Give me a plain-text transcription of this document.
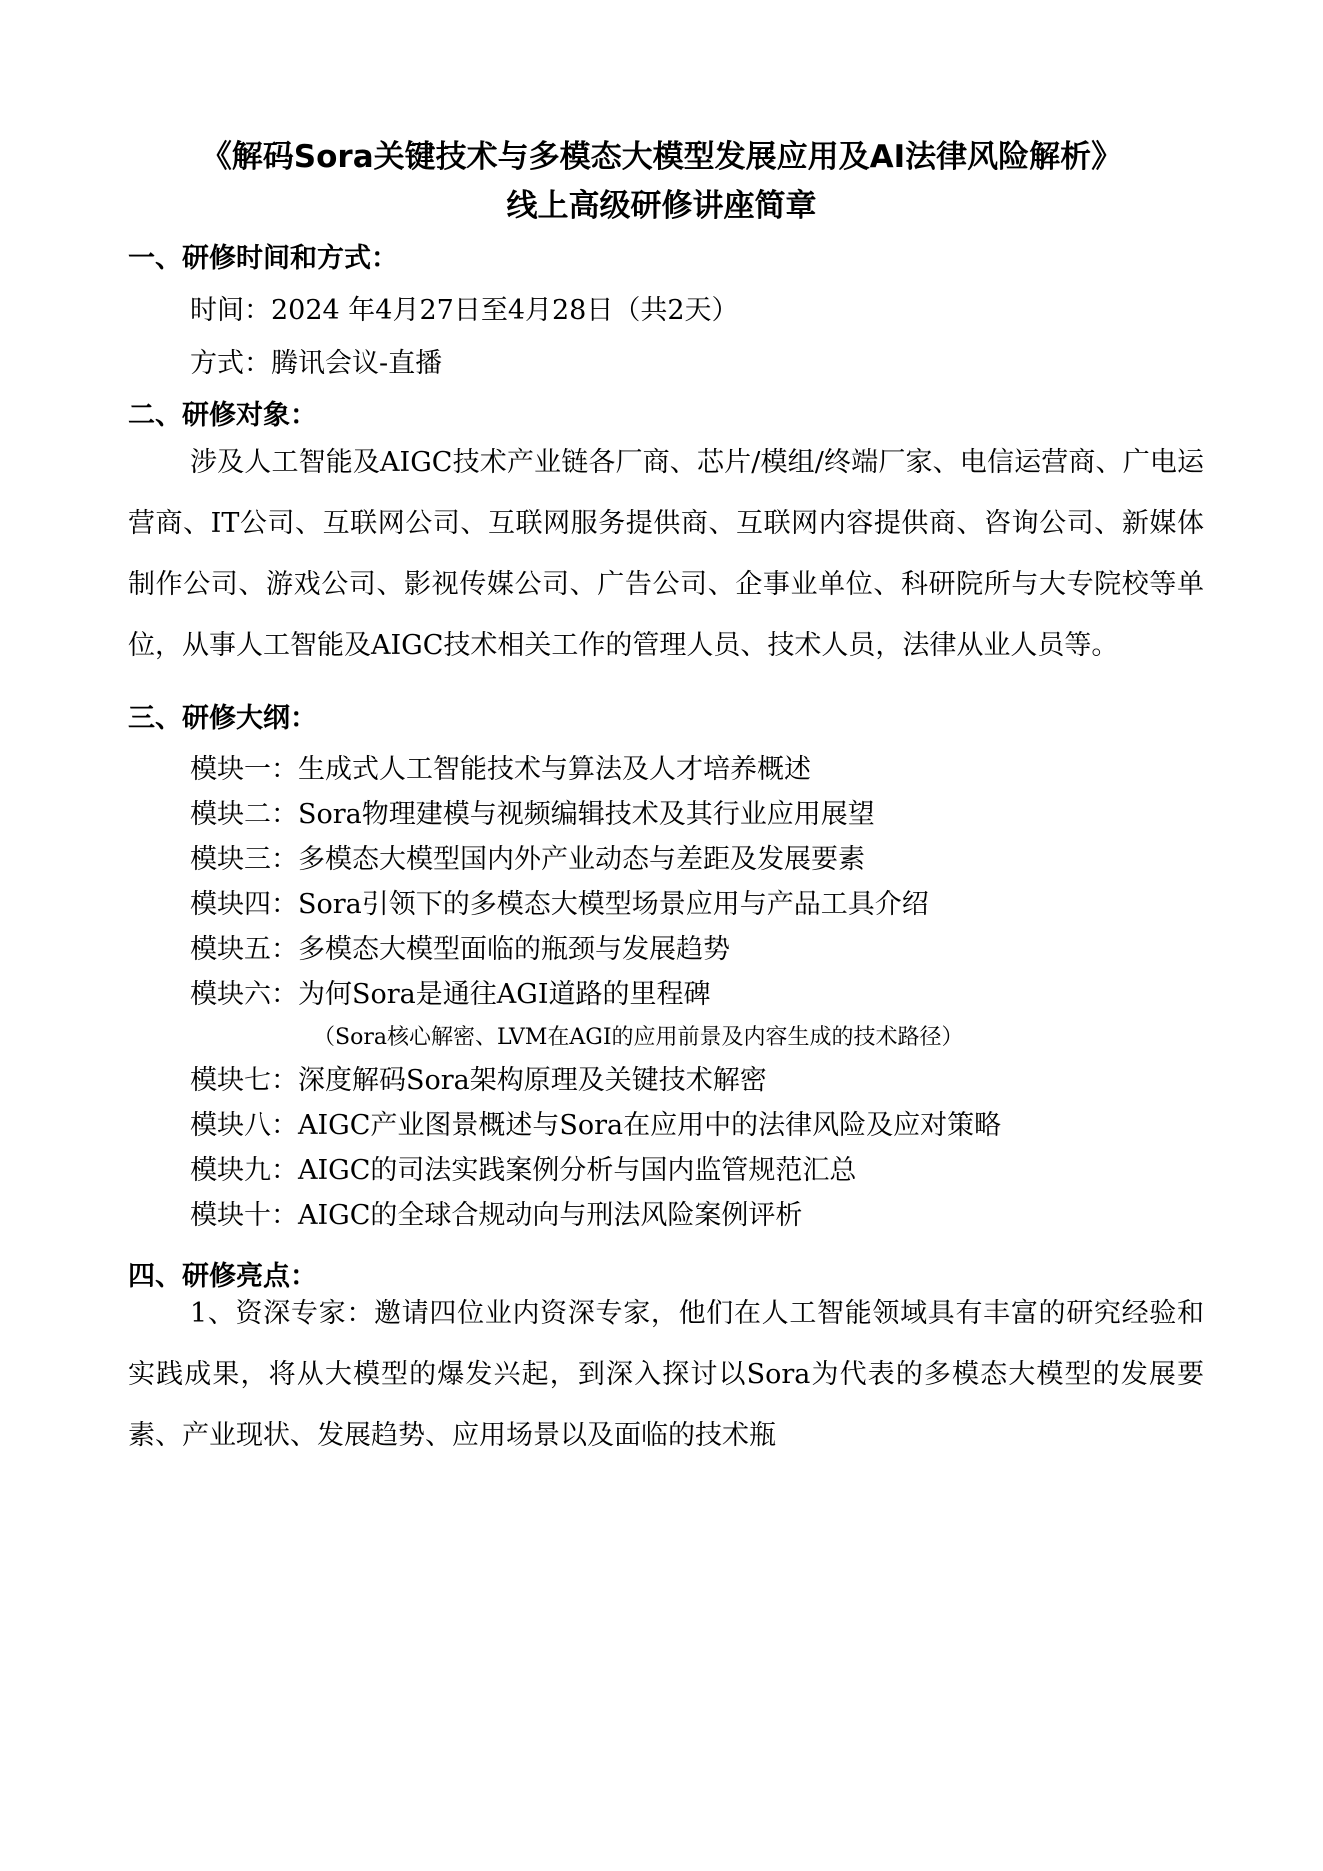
《解码Sora关键技术与多模态大模型发展应用及AI法律风险解析》
线上高级研修讲座简章
一、研修时间和方式：
时间：2024 年4月27日至4月28日（共2天）
方式：腾讯会议-直播
二、研修对象：
涉及人工智能及AIGC技术产业链各厂商、芯片/模组/终端厂家、电信运营商、广电运营商、IT公司、互联网公司、互联网服务提供商、互联网内容提供商、咨询公司、新媒体制作公司、游戏公司、影视传媒公司、广告公司、企事业单位、科研院所与大专院校等单位，从事人工智能及AIGC技术相关工作的管理人员、技术人员，法律从业人员等。
三、研修大纲：
模块一：生成式人工智能技术与算法及人才培养概述
模块二：Sora物理建模与视频编辑技术及其行业应用展望
模块三：多模态大模型国内外产业动态与差距及发展要素
模块四：Sora引领下的多模态大模型场景应用与产品工具介绍
模块五：多模态大模型面临的瓶颈与发展趋势
模块六：为何Sora是通往AGI道路的里程碑
（Sora核心解密、LVM在AGI的应用前景及内容生成的技术路径）
模块七：深度解码Sora架构原理及关键技术解密
模块八：AIGC产业图景概述与Sora在应用中的法律风险及应对策略
模块九：AIGC的司法实践案例分析与国内监管规范汇总
模块十：AIGC的全球合规动向与刑法风险案例评析
四、研修亮点：
1、资深专家：邀请四位业内资深专家，他们在人工智能领域具有丰富的研究经验和实践成果，将从大模型的爆发兴起，到深入探讨以Sora为代表的多模态大模型的发展要素、产业现状、发展趋势、应用场景以及面临的技术瓶
